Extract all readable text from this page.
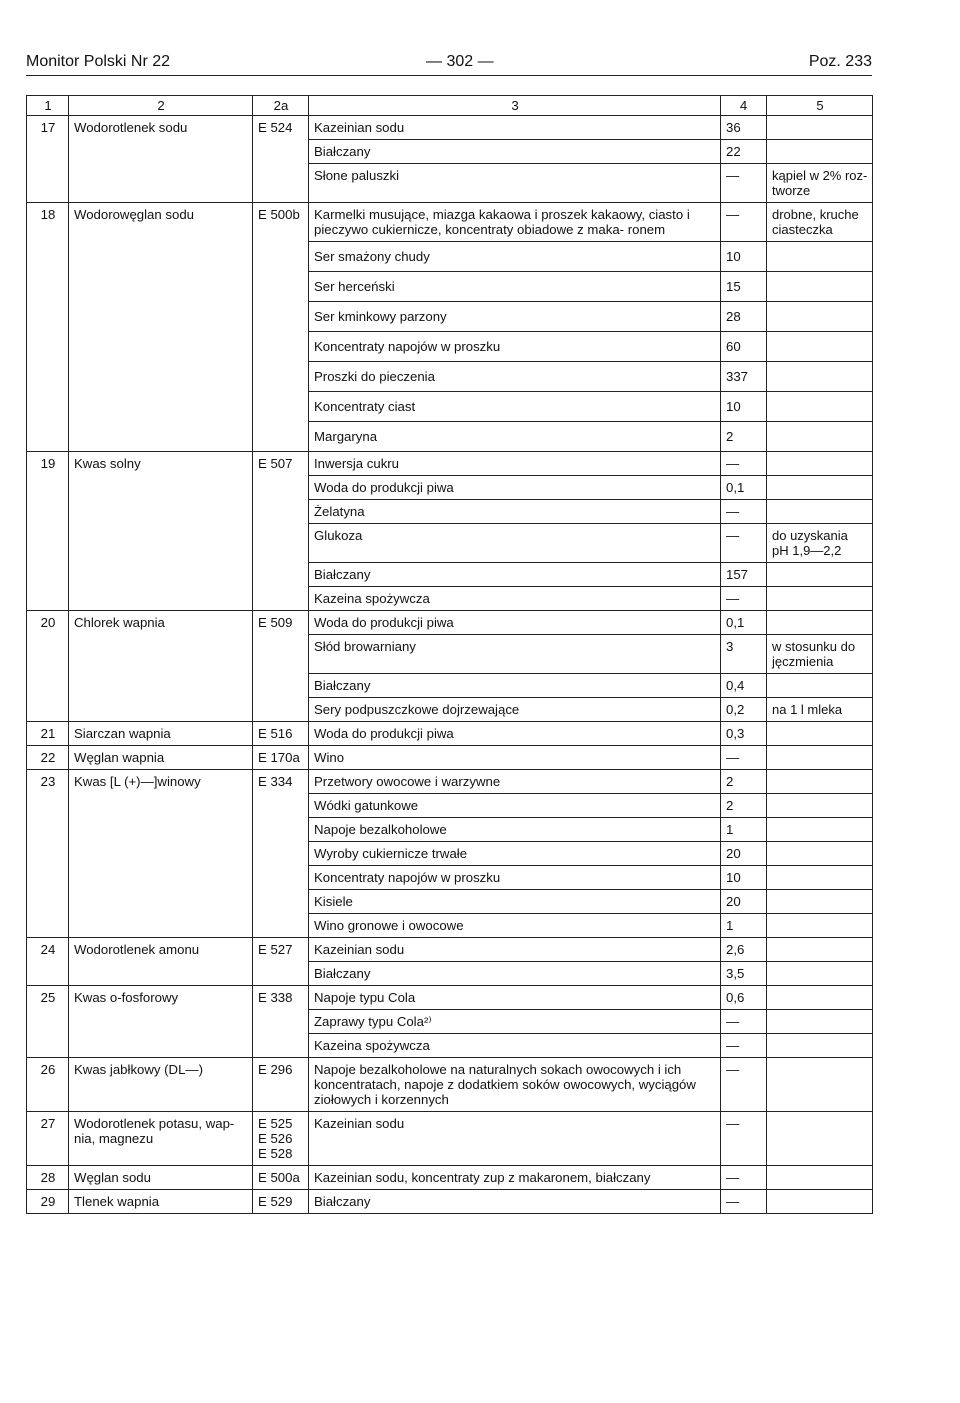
Monitor Polski Nr 22	— 302 —	Poz. 233
1	2	2a	3	4	5
17	Wodorotlenek sodu	E 524	Kazeinian sodu	36	
			Białczany	22	
			Słone paluszki	—	kąpiel w 2% roz- tworze
18	Wodorowęglan sodu	E 500b	Karmelki musujące, miazga kakaowa i proszek kakaowy, ciasto i pieczywo cukiernicze, koncentraty obiadowe z maka- ronem	—	drobne, kruche ciasteczka
			Ser smażony chudy	10	
			Ser herceński	15	
			Ser kminkowy parzony	28	
			Koncentraty napojów w proszku	60	
			Proszki do pieczenia	337	
			Koncentraty ciast	10	
			Margaryna	2	
19	Kwas solny	E 507	Inwersja cukru	—	
			Woda do produkcji piwa	0,1	
			Żelatyna	—	
			Glukoza	—	do uzyskania pH 1,9—2,2
			Białczany	157	
			Kazeina spożywcza	—	
20	Chlorek wapnia	E 509	Woda do produkcji piwa	0,1	
			Słód browarniany	3	w stosunku do jęczmienia
			Białczany	0,4	
			Sery podpuszczkowe dojrzewające	0,2	na 1 l mleka
21	Siarczan wapnia	E 516	Woda do produkcji piwa	0,3	
22	Węglan wapnia	E 170a	Wino	—	
23	Kwas [L (+)—]winowy	E 334	Przetwory owocowe i warzywne	2	
			Wódki gatunkowe	2	
			Napoje bezalkoholowe	1	
			Wyroby cukiernicze trwałe	20	
			Koncentraty napojów w proszku	10	
			Kisiele	20	
			Wino gronowe i owocowe	1	
24	Wodorotlenek amonu	E 527	Kazeinian sodu	2,6	
			Białczany	3,5	
25	Kwas o-fosforowy	E 338	Napoje typu Cola	0,6	
			Zaprawy typu Cola²⁾	—	
			Kazeina spożywcza	—	
26	Kwas jabłkowy (DL—)	E 296	Napoje bezalkoholowe na naturalnych sokach owocowych i ich koncentratach, napoje z dodatkiem soków owocowych, wyciągów ziołowych i korzennych	—	
27	Wodorotlenek potasu, wap- nia, magnezu	E 525 E 526 E 528	Kazeinian sodu	—	
28	Węglan sodu	E 500a	Kazeinian sodu, koncentraty zup z makaronem, białczany	—	
29	Tlenek wapnia	E 529	Białczany	—	
